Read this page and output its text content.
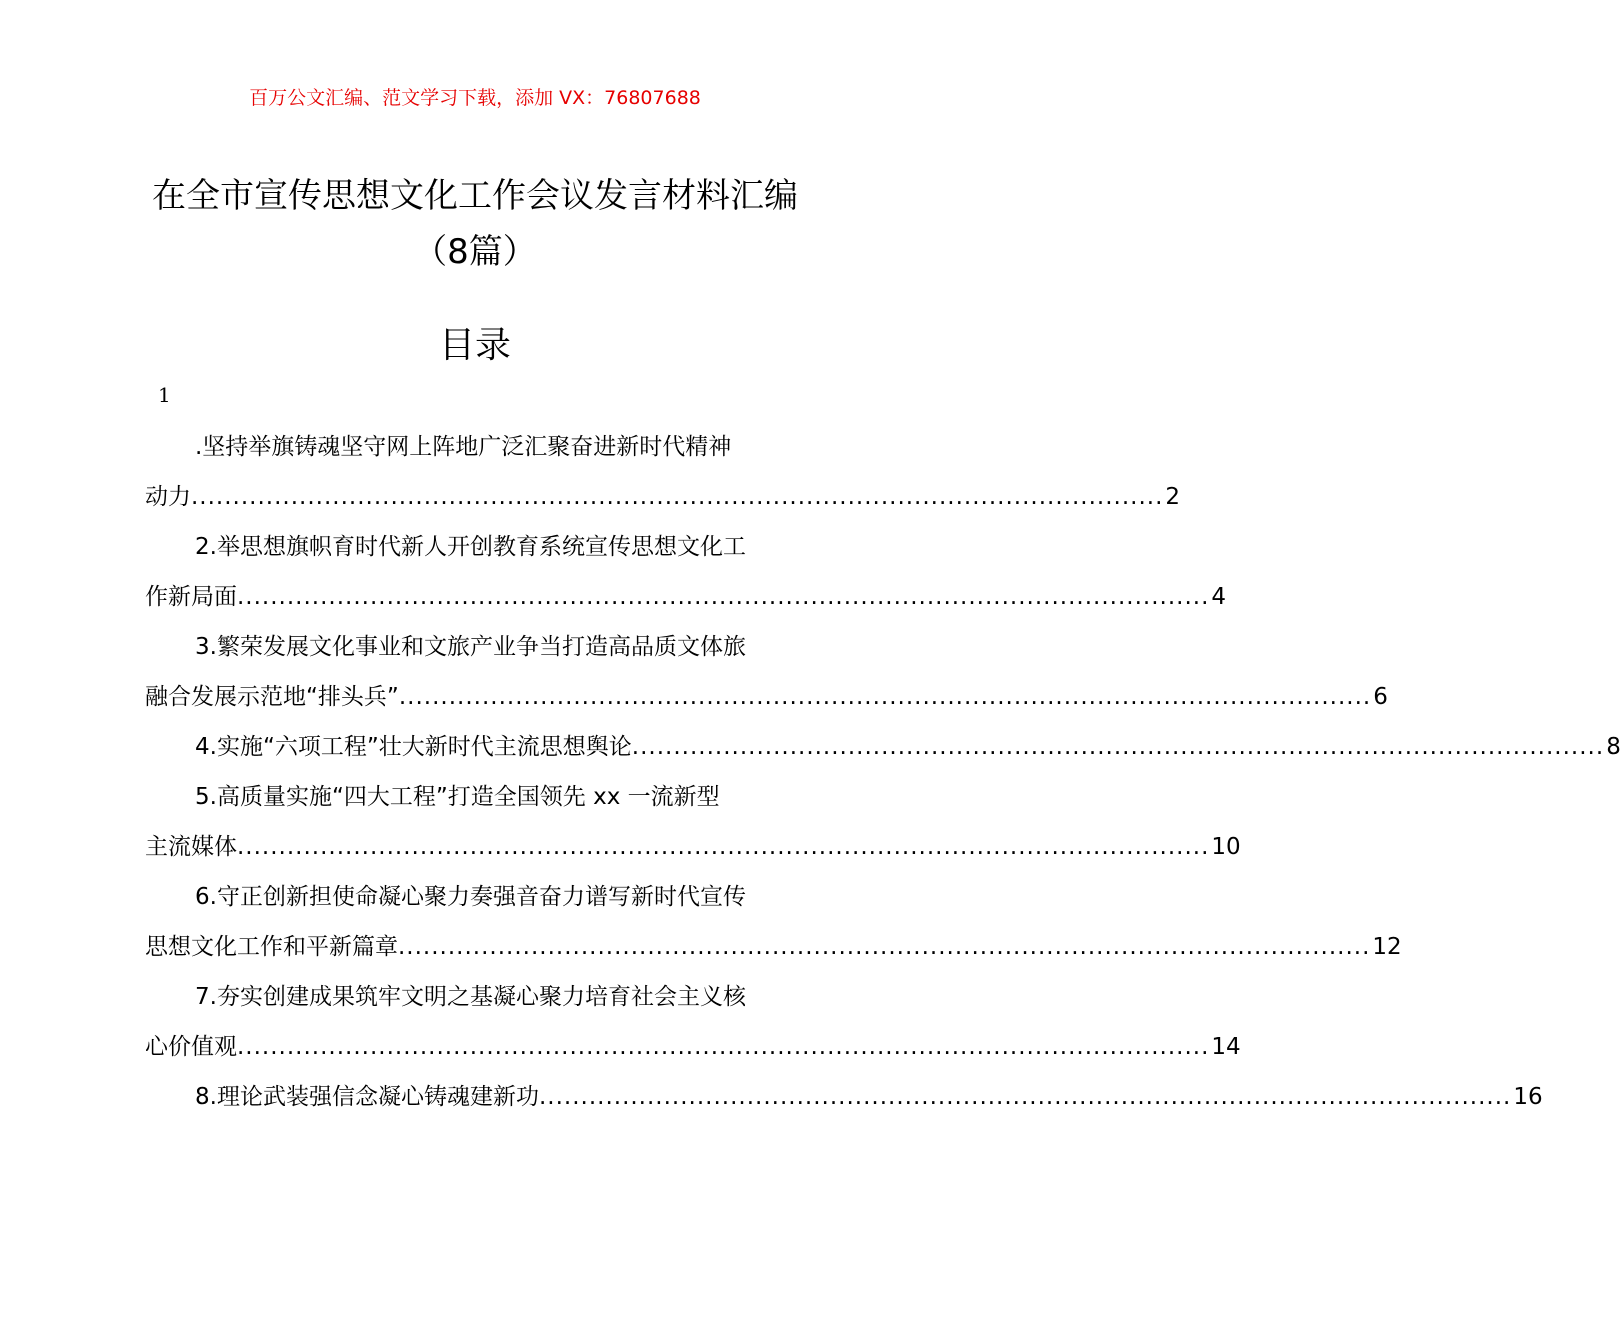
百万公文汇编、范文学习下载，添加 VX：76807688
在全市宣传思想文化工作会议发言材料汇编（8篇）
目录
1
.坚持举旗铸魂坚守网上阵地广泛汇聚奋进新时代精神
动力 ..................................................................................................................... 2
2.举思想旗帜育时代新人开创教育系统宣传思想文化工
作新局面 ..................................................................................................................... 4
3.繁荣发展文化事业和文旅产业争当打造高品质文体旅
融合发展示范地“排头兵” ..................................................................................................................... 6
4.实施“六项工程”壮大新时代主流思想舆论 ..................................................................................................................... 8
5.高质量实施“四大工程”打造全国领先 xx 一流新型
主流媒体 ..................................................................................................................... 10
6.守正创新担使命凝心聚力奏强音奋力谱写新时代宣传
思想文化工作和平新篇章 ..................................................................................................................... 12
7.夯实创建成果筑牢文明之基凝心聚力培育社会主义核
心价值观 ..................................................................................................................... 14
8.理论武装强信念凝心铸魂建新功 ..................................................................................................................... 16
